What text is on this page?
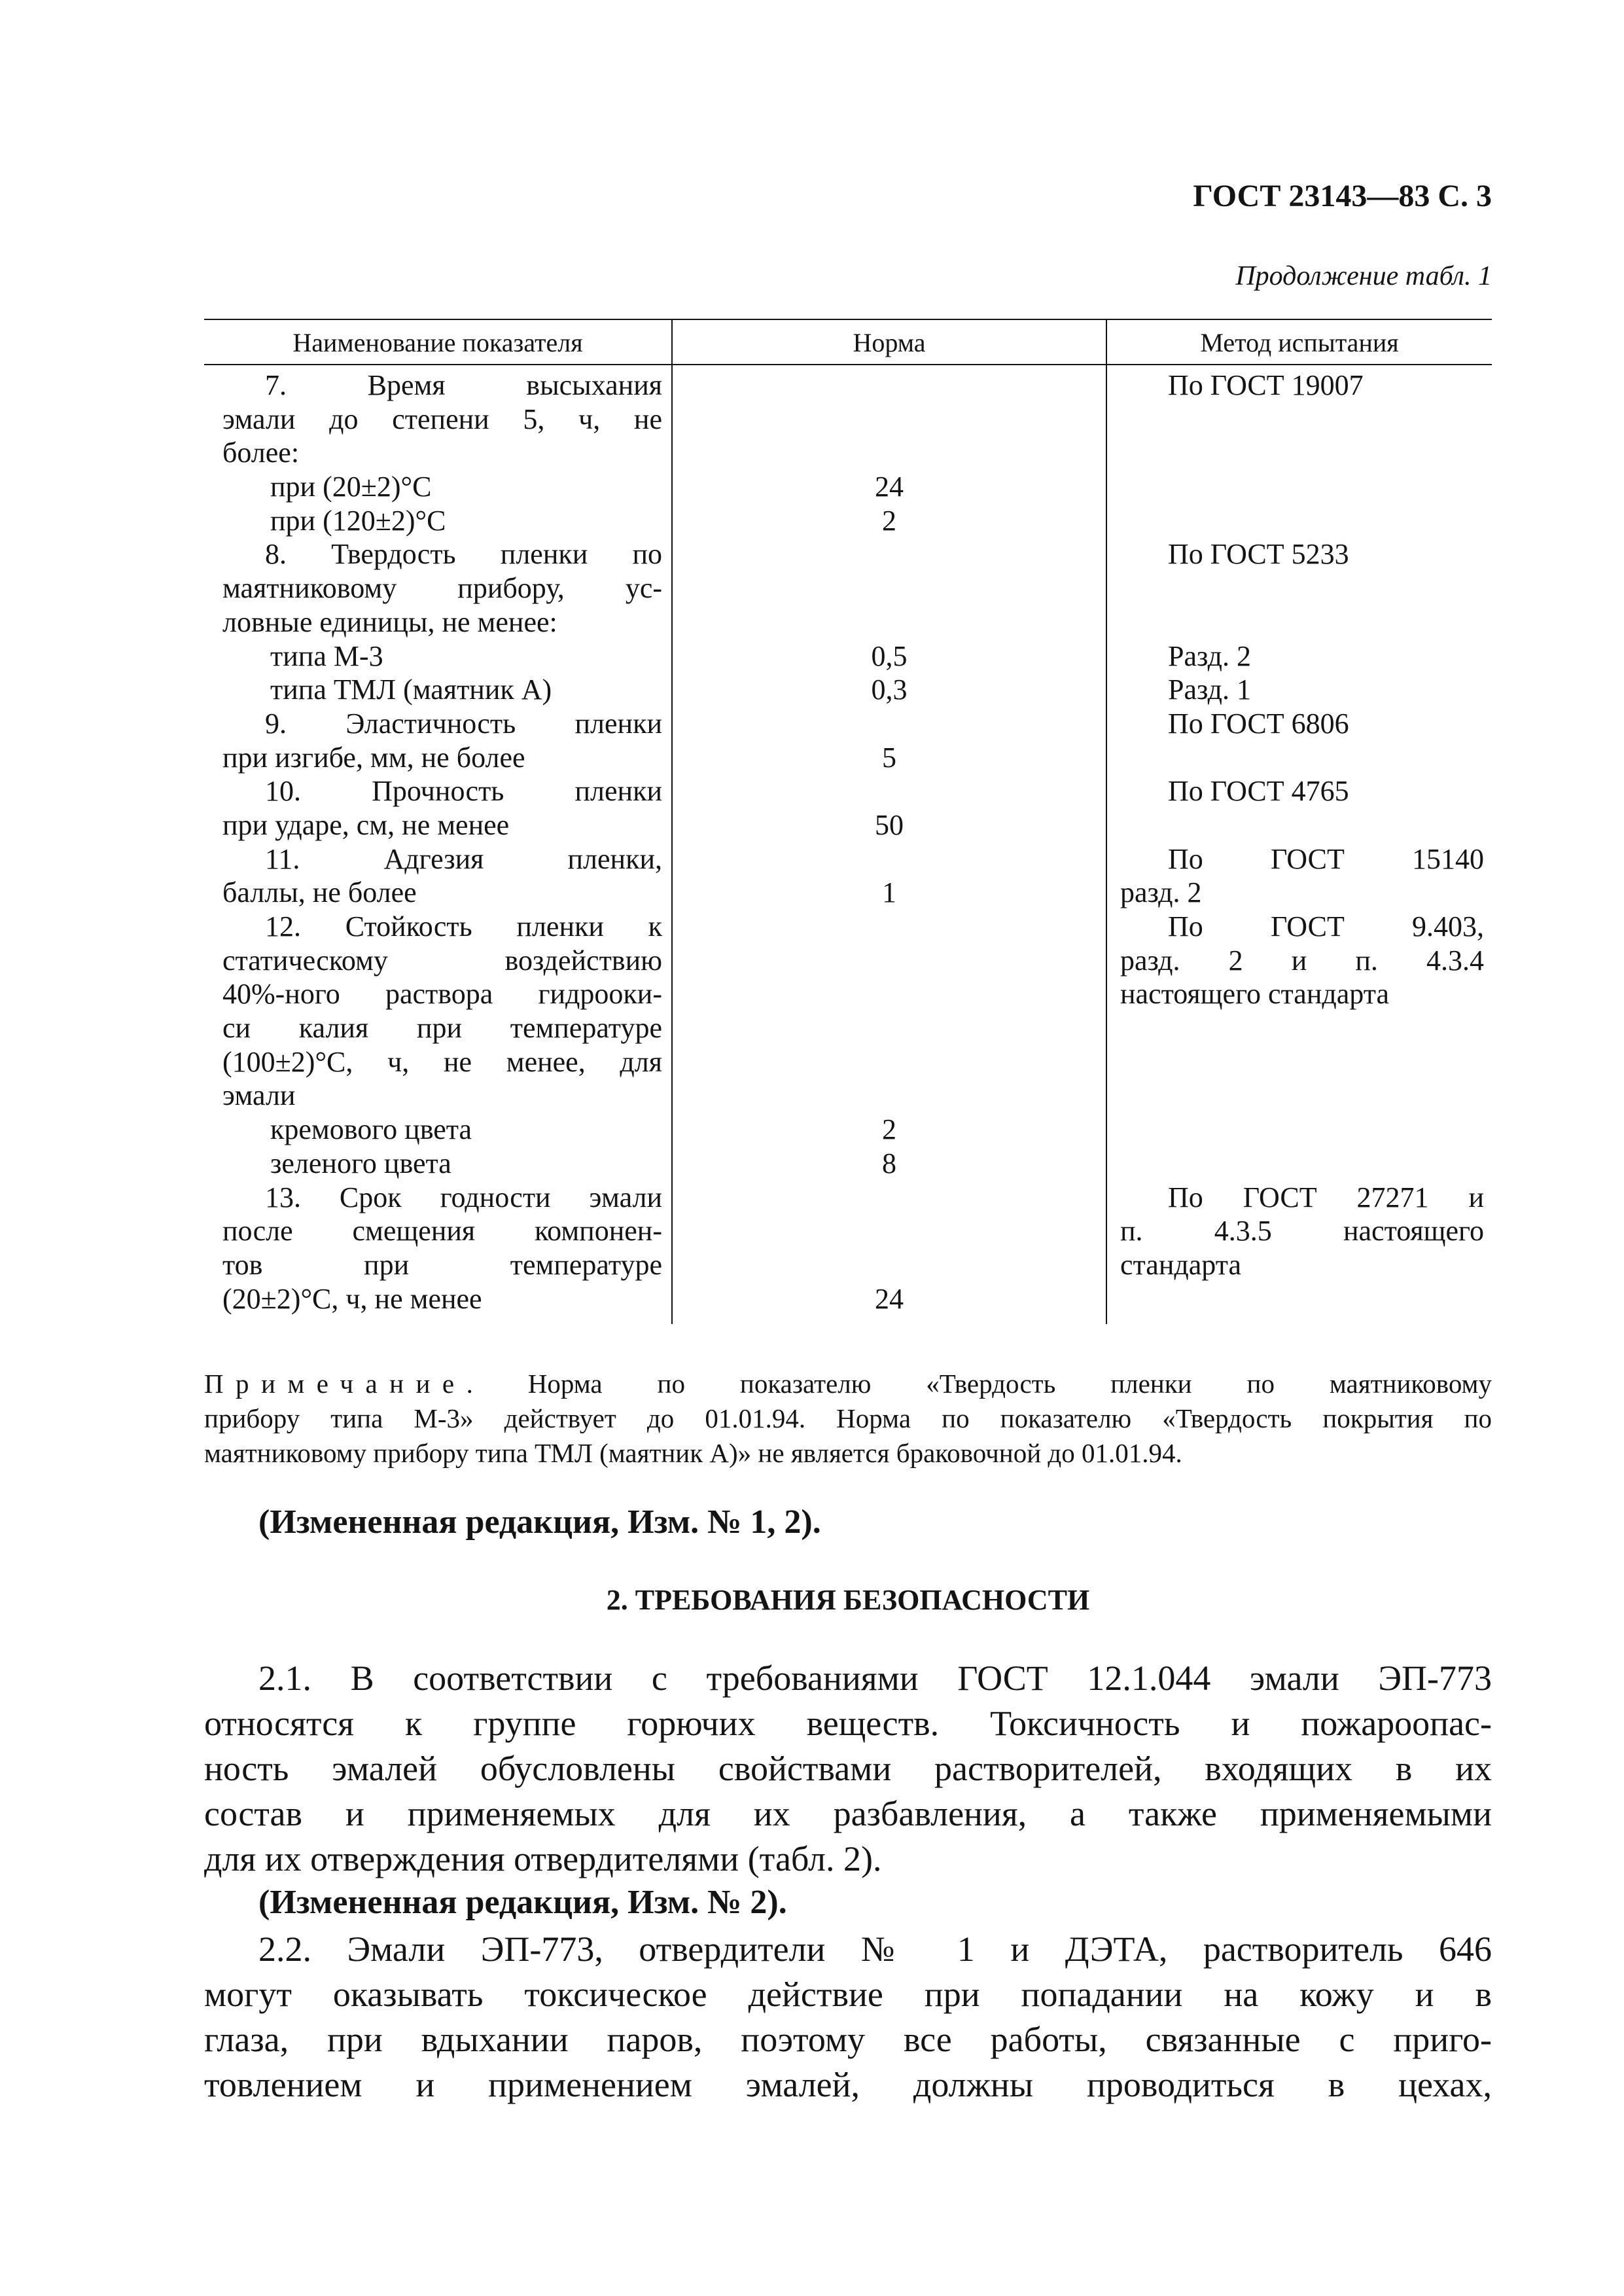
ГОСТ 23143—83 С. 3
Продолжение табл. 1
Наименование показателя	Норма	Метод испытания
7. Время высыхания
эмали до степени 5, ч, не
более:
при (20±2)°С
при (120±2)°С
8. Твердость пленки по
маятниковому прибору, ус-
ловные единицы, не менее:
типа М-3
типа ТМЛ (маятник А)
9. Эластичность пленки
при изгибе, мм, не более
10. Прочность пленки
при ударе, см, не менее
11. Адгезия пленки,
баллы, не более
12. Стойкость пленки к
статическому воздействию
40%-ного раствора гидрооки-
си калия при температуре
(100±2)°С, ч, не менее, для
эмали
кремового цвета
зеленого цвета
13. Срок годности эмали
после смещения компонен-
тов при температуре
(20±2)°С, ч, не менее
24
2
0,5
0,3
5
50
1
2
8
24
По ГОСТ 19007
По ГОСТ 5233
Разд. 2
Разд. 1
По ГОСТ 6806
По ГОСТ 4765
По ГОСТ 15140
разд. 2
По ГОСТ 9.403,
разд. 2 и п. 4.3.4
настоящего стандарта
По ГОСТ 27271 и
п. 4.3.5 настоящего
стандарта
Примечание. Норма по показателю «Твердость пленки по маятниковому
прибору типа М-3» действует до 01.01.94. Норма по показателю «Твердость покрытия по
маятниковому прибору типа ТМЛ (маятник А)» не является браковочной до 01.01.94.
(Измененная редакция, Изм. № 1, 2).
2. ТРЕБОВАНИЯ БЕЗОПАСНОСТИ
2.1. В соответствии с требованиями ГОСТ 12.1.044 эмали ЭП-773
относятся к группе горючих веществ. Токсичность и пожароопас-
ность эмалей обусловлены свойствами растворителей, входящих в их
состав и применяемых для их разбавления, а также применяемыми
для их отверждения отвердителями (табл. 2).
(Измененная редакция, Изм. № 2).
2.2. Эмали ЭП-773, отвердители № 1 и ДЭТА, растворитель 646
могут оказывать токсическое действие при попадании на кожу и в
глаза, при вдыхании паров, поэтому все работы, связанные с приго-
товлением и применением эмалей, должны проводиться в цехах,
